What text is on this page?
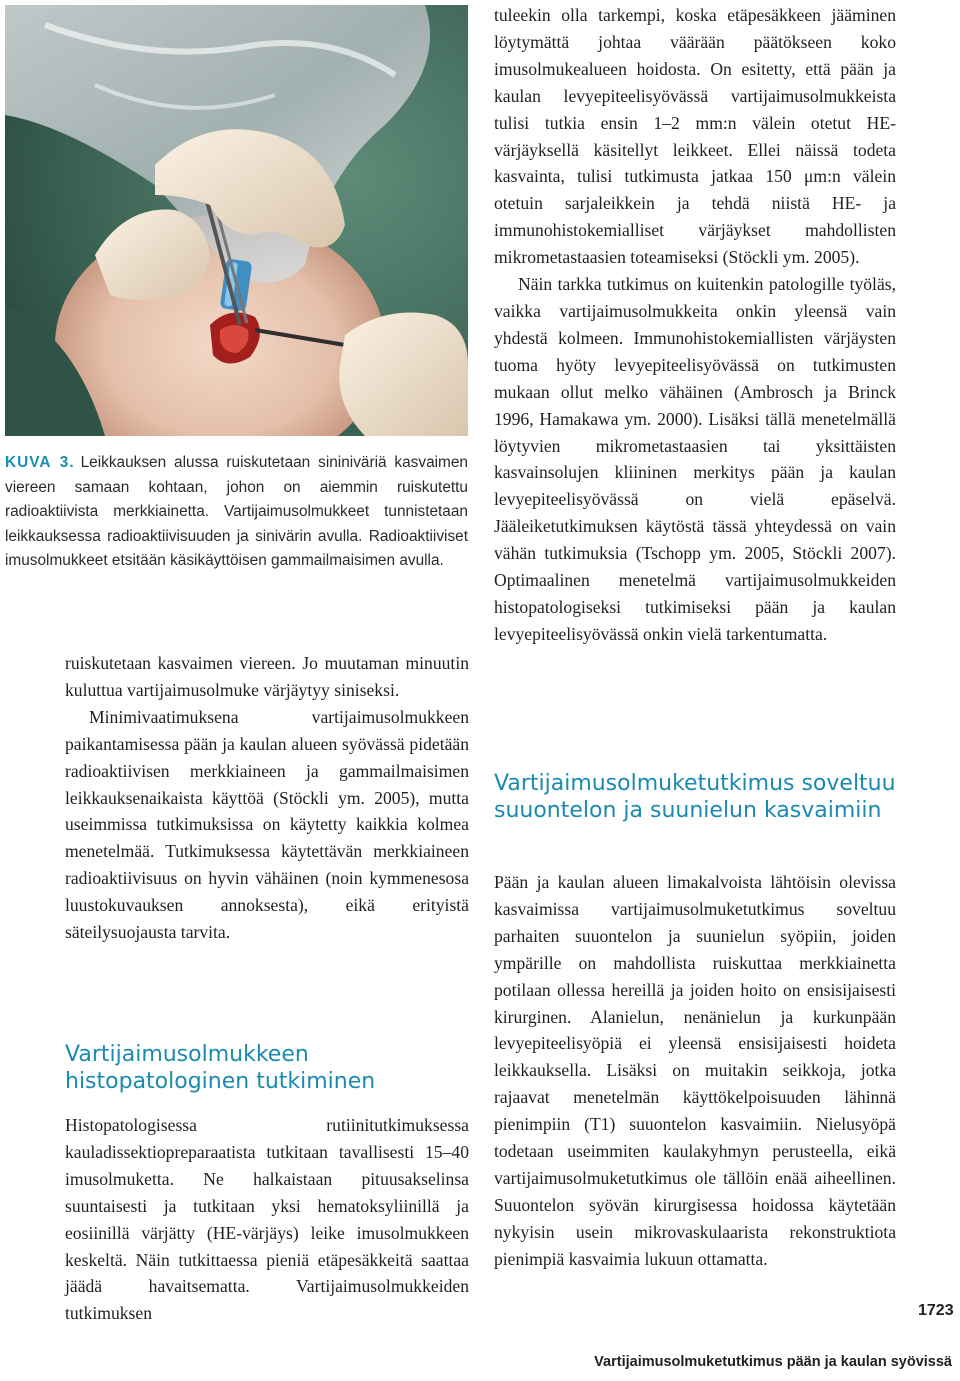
KUVA 3. Leikkauksen alussa ruiskutetaan sininiväriä kasvaimen viereen samaan kohtaan, johon on aiemmin ruiskutettu radioaktiivista merkkiainetta. Vartijaimusolmukkeet tunnistetaan leikkauksessa radioaktiivisuuden ja sinivärin avulla. Radioaktiiviset imusolmukkeet etsitään käsikäyttöisen gammailmaisimen avulla.

ruiskutetaan kasvaimen viereen. Jo muutaman minuutin kuluttua vartijaimusolmuke värjäytyy siniseksi.

Minimivaatimuksena vartijaimusolmukkeen paikantamisessa pään ja kaulan alueen syövässä pidetään radioaktiivisen merkkiaineen ja gammailmaisimen leikkauksenaikaista käyttöä (Stöckli ym. 2005), mutta useimmissa tutkimuksissa on käytetty kaikkia kolmea menetelmää. Tutkimuksessa käytettävän merkkiaineen radioaktiivisuus on hyvin vähäinen (noin kymmenesosa luustokuvauksen annoksesta), eikä erityistä säteilysuojausta tarvita.

Vartijaimusolmukkeen histopatologinen tutkiminen

Histopatologisessa rutiinitutkimuksessa kauladissektiopreparaatista tutkitaan tavallisesti 15–40 imusolmuketta. Ne halkaistaan pituusakselinsa suuntaisesti ja tutkitaan yksi hematoksyliinillä ja eosiinillä värjätty (HE-värjäys) leike imusolmukkeen keskeltä. Näin tutkittaessa pieniä etäpesäkkeitä saattaa jäädä havaitsematta. Vartijaimusolmukkeiden tutkimuksen

tuleekin olla tarkempi, koska etäpesäkkeen jääminen löytymättä johtaa väärään päätökseen koko imusolmukealueen hoidosta. On esitetty, että pään ja kaulan levyepiteelisyövässä vartijaimusolmukkeista tulisi tutkia ensin 1–2 mm:n välein otetut HE-värjäyksellä käsitellyt leikkeet. Ellei näissä todeta kasvainta, tulisi tutkimusta jatkaa 150 μm:n välein otetuin sarjaleikkein ja tehdä niistä HE- ja immunohistokemialliset värjäykset mahdollisten mikrometastaasien toteamiseksi (Stöckli ym. 2005).

Näin tarkka tutkimus on kuitenkin patologille työläs, vaikka vartijaimusolmukkeita onkin yleensä vain yhdestä kolmeen. Immunohistokemiallisten värjäysten tuoma hyöty levyepiteelisyövässä on tutkimusten mukaan ollut melko vähäinen (Ambrosch ja Brinck 1996, Hamakawa ym. 2000). Lisäksi tällä menetelmällä löytyvien mikrometastaasien tai yksittäisten kasvainsolujen kliininen merkitys pään ja kaulan levyepiteelisyövässä on vielä epäselvä. Jääleiketutkimuksen käytöstä tässä yhteydessä on vain vähän tutkimuksia (Tschopp ym. 2005, Stöckli 2007). Optimaalinen menetelmä vartijaimusolmukkeiden histopatologiseksi tutkimiseksi pään ja kaulan levyepiteelisyövässä onkin vielä tarkentumatta.

Vartijaimusolmuketutkimus soveltuu suuontelon ja suunielun kasvaimiin

Pään ja kaulan alueen limakalvoista lähtöisin olevissa kasvaimissa vartijaimusolmuketutkimus soveltuu parhaiten suuontelon ja suunielun syöpiin, joiden ympärille on mahdollista ruiskuttaa merkkiainetta potilaan ollessa hereillä ja joiden hoito on ensisijaisesti kirurginen. Alanielun, nenänielun ja kurkunpään levyepiteelisyöpiä ei yleensä ensisijaisesti hoideta leikkauksella. Lisäksi on muitakin seikkoja, jotka rajaavat menetelmän käyttökelpoisuuden lähinnä pienimpiin (T1) suuontelon kasvaimiin. Nielusyöpä todetaan useimmiten kaulakyhmyn perusteella, eikä vartijaimusolmuketutkimus ole tällöin enää aiheellinen. Suuontelon syövän kirurgisessa hoidossa käytetään nykyisin usein mikrovaskulaarista rekonstruktiota pienimpiä kasvaimia lukuun ottamatta.

1723
Vartijaimusolmuketutkimus pään ja kaulan syövissä
